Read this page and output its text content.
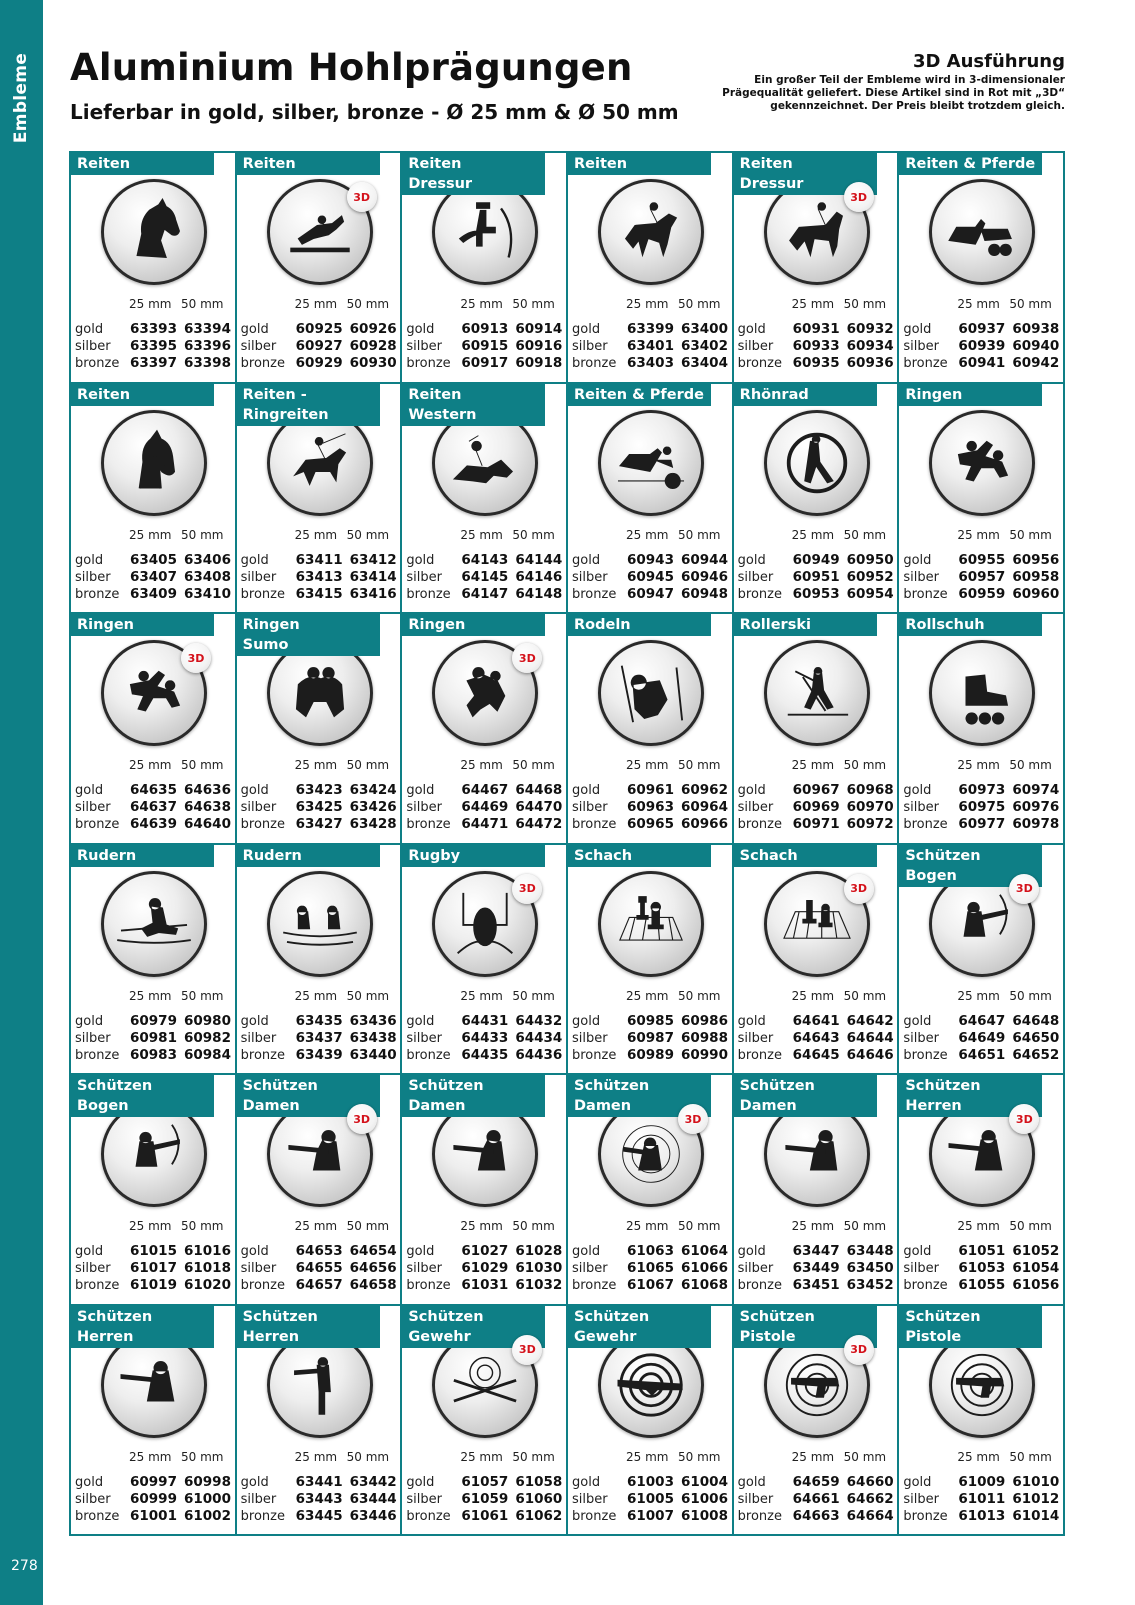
Embleme
278
Aluminium Hohlprägungen
Lieferbar in gold, silber, bronze - Ø 25 mm & Ø 50 mm
3D Ausführung
Ein großer Teil der Embleme wird in 3-dimensionaler Prägequalität geliefert. Diese Artikel sind in Rot mit „3D“ gekennzeichnet. Der Preis bleibt trotzdem gleich.
Reiten
25 mm 50 mm
gold 63393 63394
silber 63395 63396
bronze 63397 63398
Reiten
3D
25 mm 50 mm
gold 60925 60926
silber 60927 60928
bronze 60929 60930
Reiten
Dressur
25 mm 50 mm
gold 60913 60914
silber 60915 60916
bronze 60917 60918
Reiten
25 mm 50 mm
gold 63399 63400
silber 63401 63402
bronze 63403 63404
Reiten
Dressur
3D
25 mm 50 mm
gold 60931 60932
silber 60933 60934
bronze 60935 60936
Reiten & Pferde
25 mm 50 mm
gold 60937 60938
silber 60939 60940
bronze 60941 60942
Reiten
25 mm 50 mm
gold 63405 63406
silber 63407 63408
bronze 63409 63410
Reiten - Ringreiten
25 mm 50 mm
gold 63411 63412
silber 63413 63414
bronze 63415 63416
Reiten
Western
25 mm 50 mm
gold 64143 64144
silber 64145 64146
bronze 64147 64148
Reiten & Pferde
25 mm 50 mm
gold 60943 60944
silber 60945 60946
bronze 60947 60948
Rhönrad
25 mm 50 mm
gold 60949 60950
silber 60951 60952
bronze 60953 60954
Ringen
25 mm 50 mm
gold 60955 60956
silber 60957 60958
bronze 60959 60960
Ringen
3D
25 mm 50 mm
gold 64635 64636
silber 64637 64638
bronze 64639 64640
Ringen
Sumo
25 mm 50 mm
gold 63423 63424
silber 63425 63426
bronze 63427 63428
Ringen
3D
25 mm 50 mm
gold 64467 64468
silber 64469 64470
bronze 64471 64472
Rodeln
25 mm 50 mm
gold 60961 60962
silber 60963 60964
bronze 60965 60966
Rollerski
25 mm 50 mm
gold 60967 60968
silber 60969 60970
bronze 60971 60972
Rollschuh
25 mm 50 mm
gold 60973 60974
silber 60975 60976
bronze 60977 60978
Rudern
25 mm 50 mm
gold 60979 60980
silber 60981 60982
bronze 60983 60984
Rudern
25 mm 50 mm
gold 63435 63436
silber 63437 63438
bronze 63439 63440
Rugby
3D
25 mm 50 mm
gold 64431 64432
silber 64433 64434
bronze 64435 64436
Schach
25 mm 50 mm
gold 60985 60986
silber 60987 60988
bronze 60989 60990
Schach
3D
25 mm 50 mm
gold 64641 64642
silber 64643 64644
bronze 64645 64646
Schützen
Bogen
3D
25 mm 50 mm
gold 64647 64648
silber 64649 64650
bronze 64651 64652
Schützen
Bogen
25 mm 50 mm
gold 61015 61016
silber 61017 61018
bronze 61019 61020
Schützen
Damen
3D
25 mm 50 mm
gold 64653 64654
silber 64655 64656
bronze 64657 64658
Schützen
Damen
25 mm 50 mm
gold 61027 61028
silber 61029 61030
bronze 61031 61032
Schützen
Damen
3D
25 mm 50 mm
gold 61063 61064
silber 61065 61066
bronze 61067 61068
Schützen
Damen
25 mm 50 mm
gold 63447 63448
silber 63449 63450
bronze 63451 63452
Schützen
Herren
3D
25 mm 50 mm
gold 61051 61052
silber 61053 61054
bronze 61055 61056
Schützen
Herren
25 mm 50 mm
gold 60997 60998
silber 60999 61000
bronze 61001 61002
Schützen
Herren
25 mm 50 mm
gold 63441 63442
silber 63443 63444
bronze 63445 63446
Schützen
Gewehr
3D
25 mm 50 mm
gold 61057 61058
silber 61059 61060
bronze 61061 61062
Schützen
Gewehr
25 mm 50 mm
gold 61003 61004
silber 61005 61006
bronze 61007 61008
Schützen
Pistole
3D
25 mm 50 mm
gold 64659 64660
silber 64661 64662
bronze 64663 64664
Schützen
Pistole
25 mm 50 mm
gold 61009 61010
silber 61011 61012
bronze 61013 61014
